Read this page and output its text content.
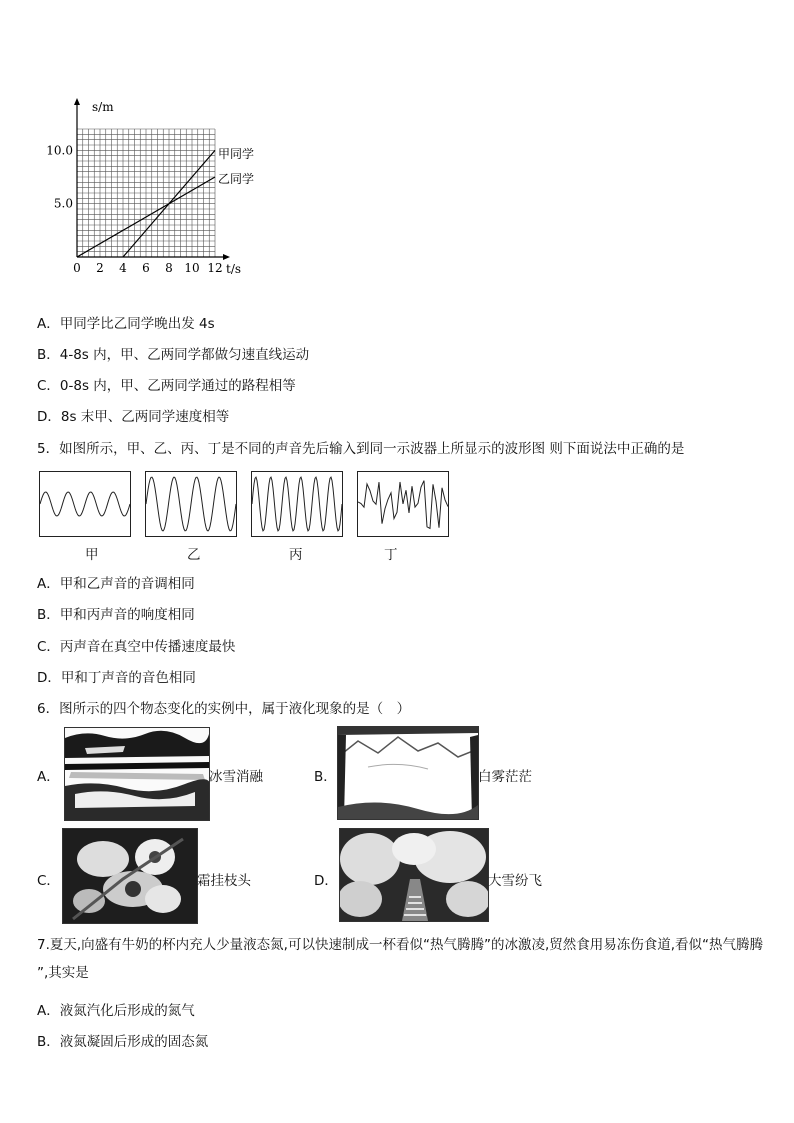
0 2 4 6 8 10 12
5.0
10.0
s/m
t/s
甲同学
乙同学
A．甲同学比乙同学晚出发 4s
B．4-8s 内，甲、乙两同学都做匀速直线运动
C．0-8s 内，甲、乙两同学通过的路程相等
D．8s 末甲、乙两同学速度相等
5．如图所示，甲、乙、丙、丁是不同的声音先后输入到同一示波器上所显示的波形图 则下面说法中正确的是
甲	乙	丙	丁
A．甲和乙声音的音调相同
B．甲和丙声音的响度相同
C．丙声音在真空中传播速度最快
D．甲和丁声音的音色相同
6．图所示的四个物态变化的实例中，属于液化现象的是（　）
A．	冰雪消融	B．	白雾茫茫
C．	霜挂枝头	D．	大雪纷飞
7.夏天,向盛有牛奶的杯内充人少量液态氮,可以快速制成一杯看似“热气腾腾”的冰激凌,贸然食用易冻伤食道,看似“热气腾腾 ”,其实是
A．液氮汽化后形成的氮气
B．液氮凝固后形成的固态氮
